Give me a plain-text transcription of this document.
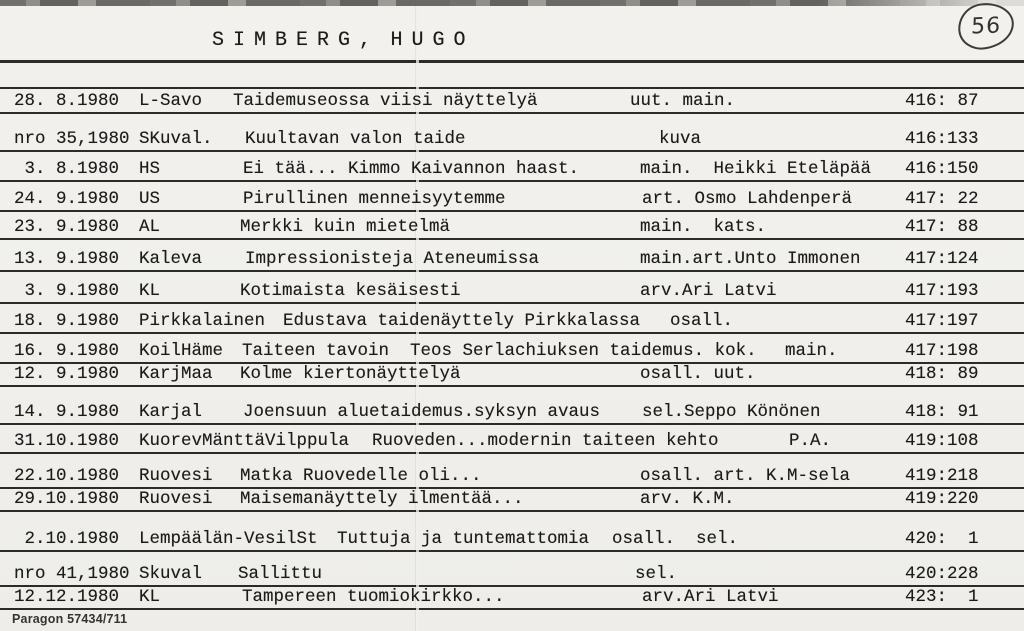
56
S I M B E R G ,  H U G O
28. 8.1980 L-Savo Taidemuseossa viisi näyttelyä	uut. main.	416: 87
nro 35,1980 SKuval. Kuultavan valon taide	kuva	416:133
3. 8.1980 HS	Ei tää... Kimmo Kaivannon haast.	main.  Heikki Eteläpää 416:150
24. 9.1980 US	Pirullinen menneisyytemme	art. Osmo Lahdenperä	417: 22
23. 9.1980 AL	Merkki kuin mietelmä	main.  kats.	417: 88
13. 9.1980 Kaleva Impressionisteja Ateneumissa	main.art.Unto Immonen	417:124
3. 9.1980 KL	Kotimaista kesäisesti	arv.Ari Latvi	417:193
18. 9.1980 Pirkkalainen Edustava taidenäyttely Pirkkalassa osall.	417:197
16. 9.1980 KoilHäme Taiteen tavoin  Teos Serlachiuksen taidemus. kok. main.	417:198
12. 9.1980 KarjMaa Kolme kiertonäyttelyä	osall. uut.	418: 89
14. 9.1980 Karjal Joensuun aluetaidemus.syksyn avaus sel.Seppo Könönen	418: 91
31.10.1980 KuorevMänttäVilppula Ruoveden...modernin taiteen kehto	P.A.	419:108
22.10.1980 Ruovesi Matka Ruovedelle oli...	osall. art. K.M-sela	419:218
29.10.1980 Ruovesi Maisemanäyttely ilmentää...	arv. K.M.	419:220
2.10.1980 Lempäälän-VesilSt Tuttuja ja tuntemattomia osall.  sel.	420:  1
nro 41,1980 Skuval Sallittu	sel.	420:228
12.12.1980 KL	Tampereen tuomiokirkko...	arv.Ari Latvi	423:  1
Paragon 57434/711
